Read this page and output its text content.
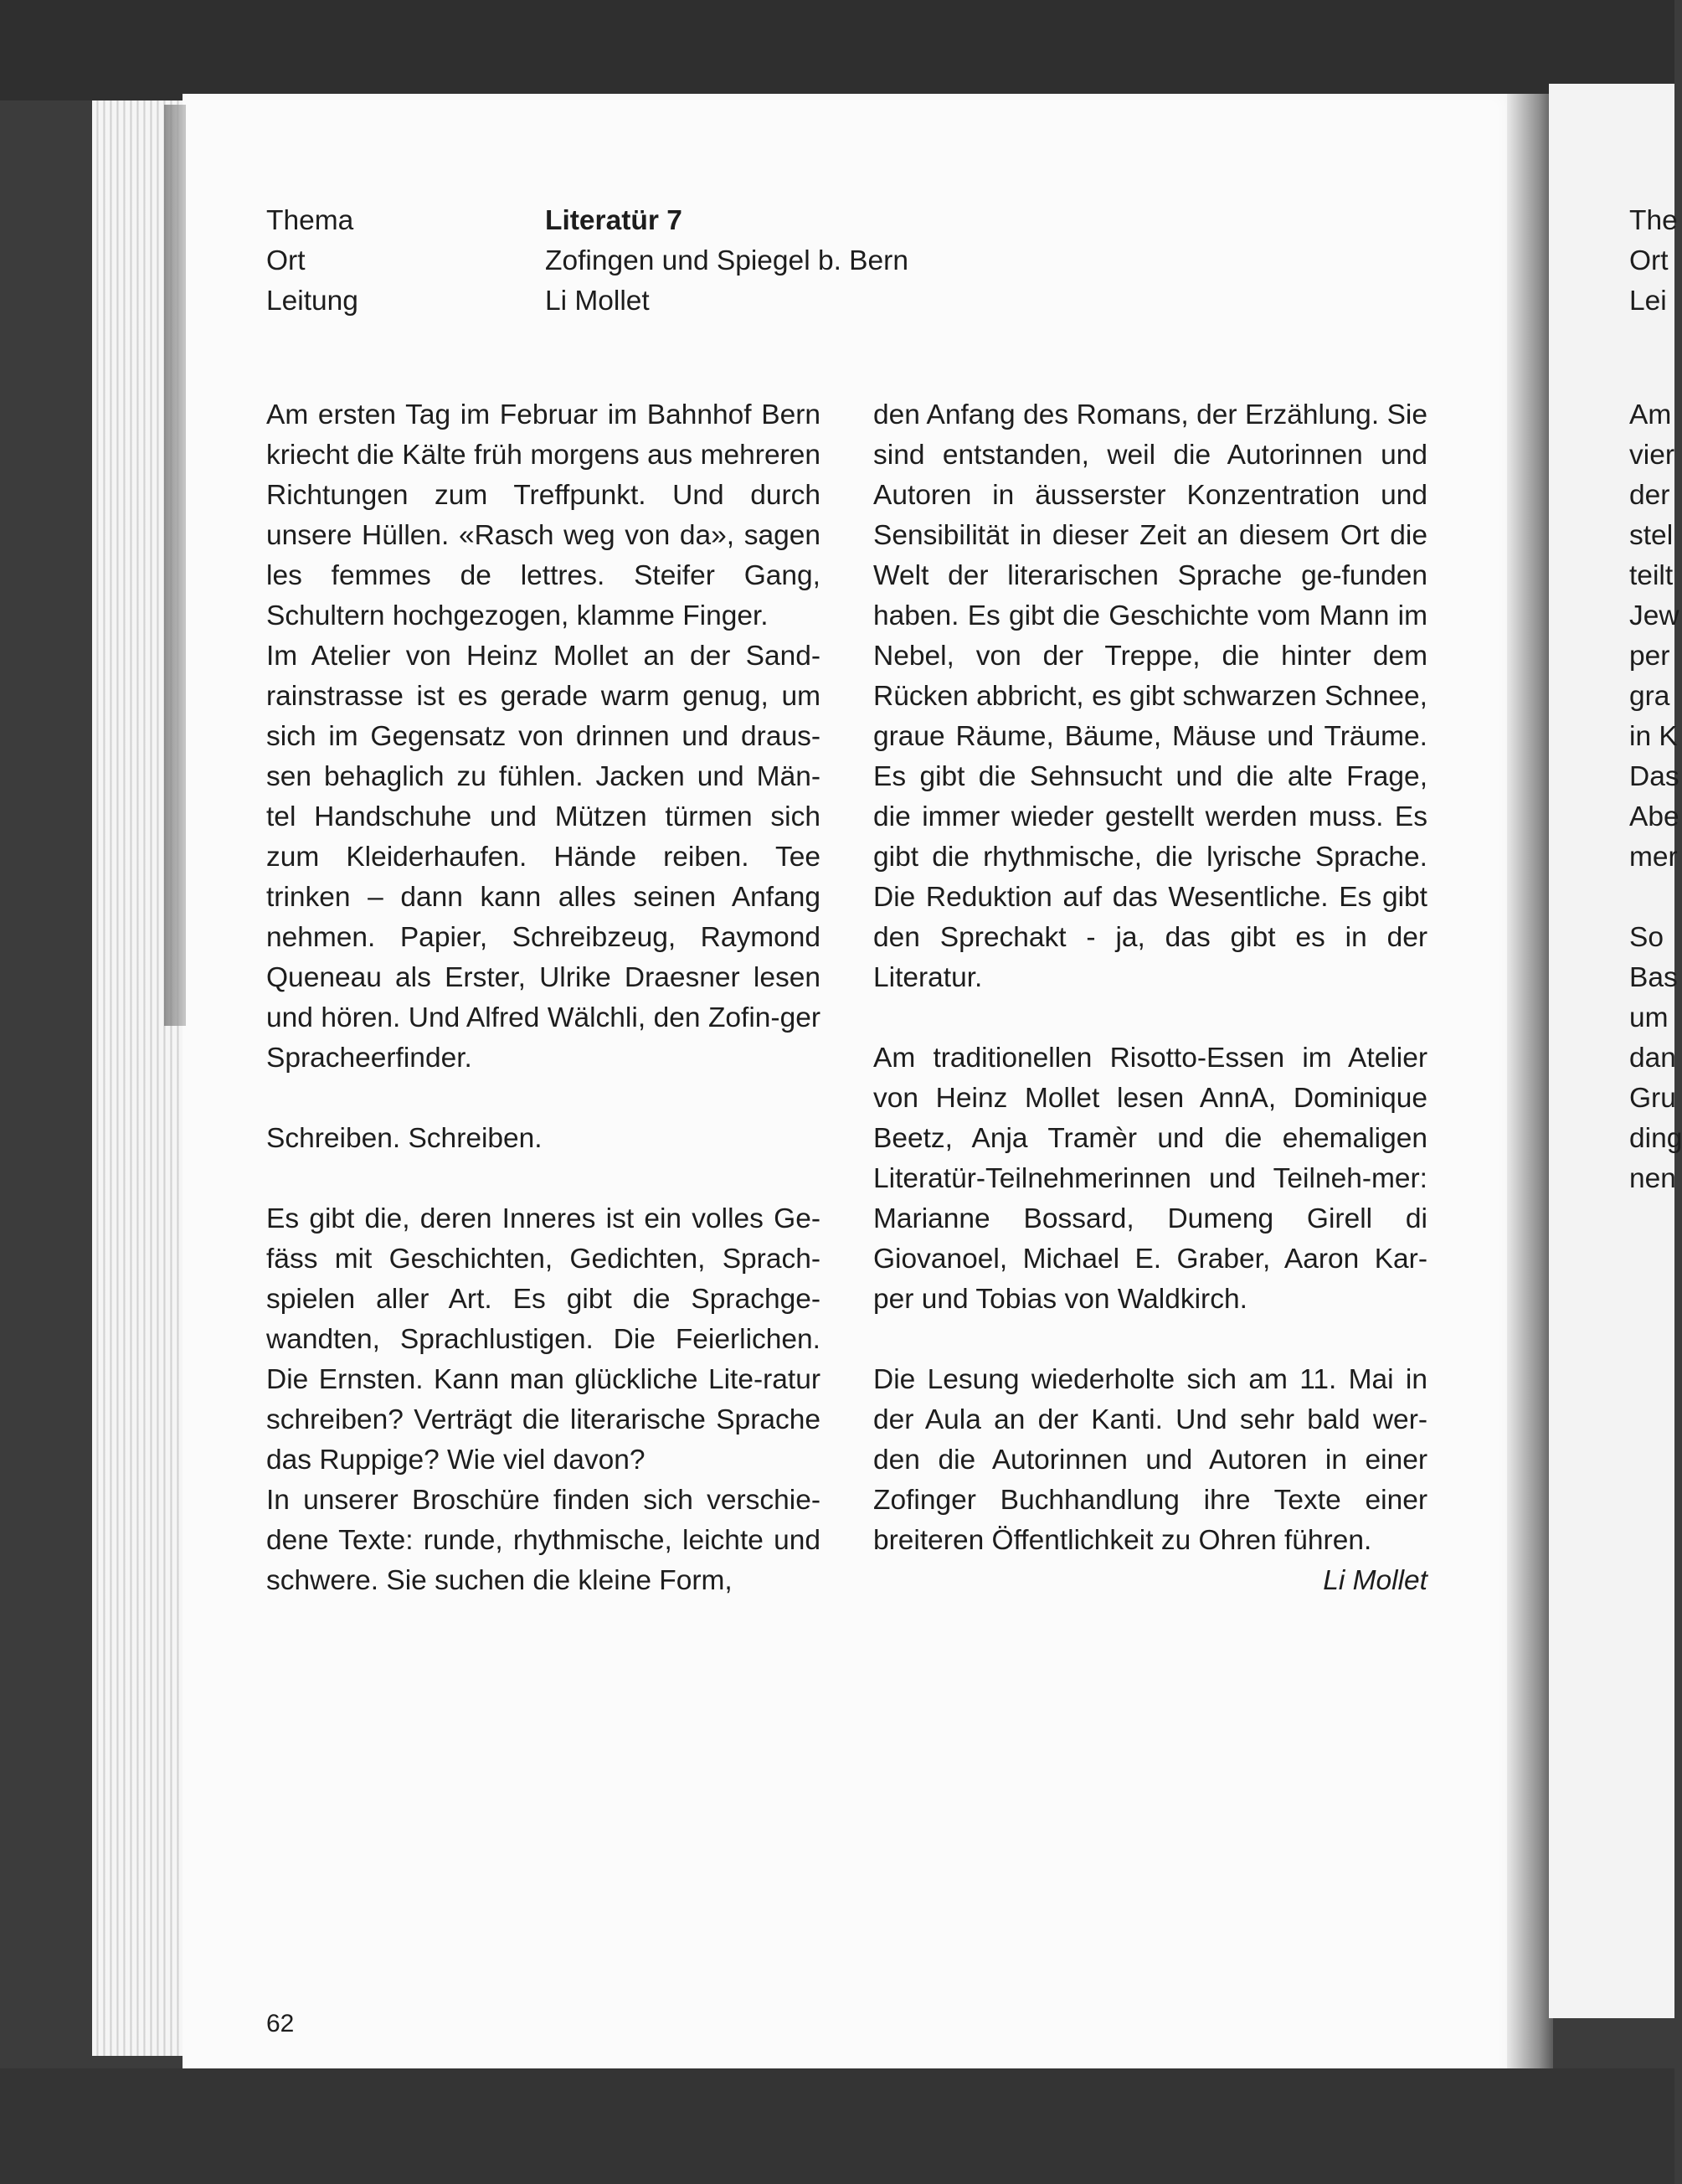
Thema	Literatür 7
Ort	Zofingen und Spiegel b. Bern
Leitung	Li Mollet

Am ersten Tag im Februar im Bahnhof Bern kriecht die Kälte früh morgens aus mehreren Richtungen zum Treffpunkt. Und durch unsere Hüllen. «Rasch weg von da», sagen les femmes de lettres. Steifer Gang, Schultern hochgezogen, klamme Finger.

Im Atelier von Heinz Mollet an der Sand-rainstrasse ist es gerade warm genug, um sich im Gegensatz von drinnen und draus-sen behaglich zu fühlen. Jacken und Män-tel Handschuhe und Mützen türmen sich zum Kleiderhaufen. Hände reiben. Tee trinken – dann kann alles seinen Anfang nehmen. Papier, Schreibzeug, Raymond Queneau als Erster, Ulrike Draesner lesen und hören. Und Alfred Wälchli, den Zofin-ger Spracheerfinder.

Schreiben. Schreiben.

Es gibt die, deren Inneres ist ein volles Ge-fäss mit Geschichten, Gedichten, Sprach-spielen aller Art. Es gibt die Sprachge-wandten, Sprachlustigen. Die Feierlichen. Die Ernsten. Kann man glückliche Lite-ratur schreiben? Verträgt die literarische Sprache das Ruppige? Wie viel davon?

In unserer Broschüre finden sich verschie-dene Texte: runde, rhythmische, leichte und schwere. Sie suchen die kleine Form,

den Anfang des Romans, der Erzählung. Sie sind entstanden, weil die Autorinnen und Autoren in äusserster Konzentration und Sensibilität in dieser Zeit an diesem Ort die Welt der literarischen Sprache ge-funden haben. Es gibt die Geschichte vom Mann im Nebel, von der Treppe, die hinter dem Rücken abbricht, es gibt schwarzen Schnee, graue Räume, Bäume, Mäuse und Träume. Es gibt die Sehnsucht und die alte Frage, die immer wieder gestellt werden muss. Es gibt die rhythmische, die lyrische Sprache. Die Reduktion auf das Wesentliche. Es gibt den Sprechakt - ja, das gibt es in der Literatur.

Am traditionellen Risotto-Essen im Atelier von Heinz Mollet lesen AnnA, Dominique Beetz, Anja Tramèr und die ehemaligen Literatür-Teilnehmerinnen und Teilneh-mer: Marianne Bossard, Dumeng Girell di Giovanoel, Michael E. Graber, Aaron Kar-per und Tobias von Waldkirch.

Die Lesung wiederholte sich am 11. Mai in der Aula an der Kanti. Und sehr bald wer-den die Autorinnen und Autoren in einer Zofinger Buchhandlung ihre Texte einer breiteren Öffentlichkeit zu Ohren führen.

Li Mollet

62
The
Ort
Lei
Am
vier
der
stel
teilt
Jew
per
gra
in K
Das
Abe
mer
So
Bas
um
dan
Gru
ding
nen
